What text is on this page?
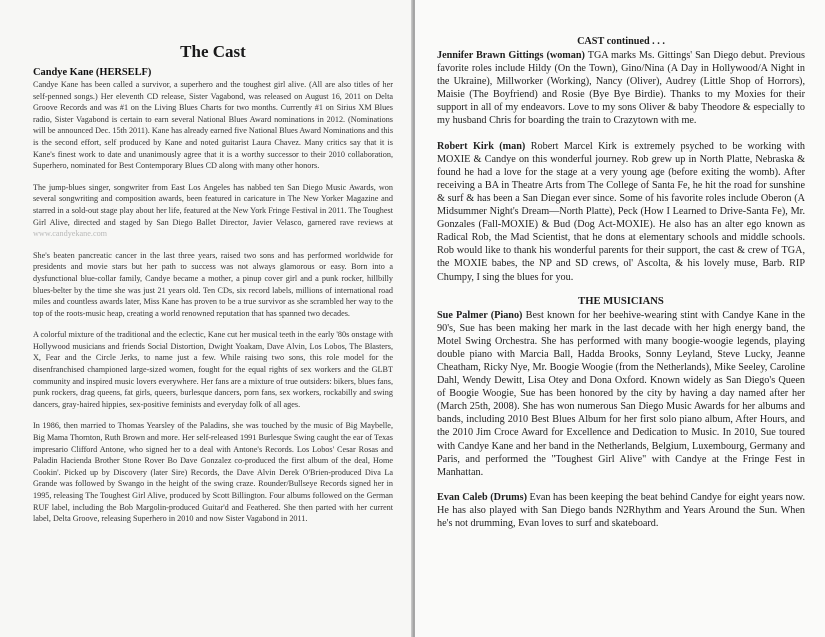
The Cast

Candye Kane (HERSELF)
Candye Kane has been called a survivor, a superhero and the toughest girl alive. (All are also titles of her self-penned songs.) Her eleventh CD release, Sister Vagabond, was released on August 16, 2011 on Delta Groove Records and was #1 on the Living Blues Charts for two months. Currently #1 on Sirius XM Blues radio, Sister Vagabond is certain to earn several National Blues Award nominations in 2012. (Nominations will be announced Dec. 15th 2011). Kane has already earned five National Blues Award Nominations and this is the second effort, self produced by Kane and noted guitarist Laura Chavez. Many critics say that it is Kane's finest work to date and unanimously agree that it is a worthy successor to their 2010 collaboration, Superhero, nominated for Best Contemporary Blues CD along with many other honors.

The jump-blues singer, songwriter from East Los Angeles has nabbed ten San Diego Music Awards, won several songwriting and composition awards, been featured in caricature in The New Yorker Magazine and starred in a sold-out stage play about her life, featured at the New York Fringe Festival in 2011. The Toughest Girl Alive, directed and staged by San Diego Ballet Director, Javier Velasco, garnered rave reviews at www.candyekane.com

She's beaten pancreatic cancer in the last three years, raised two sons and has performed worldwide for presidents and movie stars but her path to success was not always glamorous or easy. Born into a dysfunctional blue-collar family, Candye became a mother, a pinup cover girl and a punk rocker, hillbilly blues-belter by the time she was just 21 years old. Ten CDs, six record labels, millions of international road miles and countless awards later, Miss Kane has proven to be a true survivor as she scrambled her way to the top of the roots-music heap, creating a world renowned reputation that has spanned two decades.

A colorful mixture of the traditional and the eclectic, Kane cut her musical teeth in the early '80s onstage with Hollywood musicians and friends Social Distortion, Dwight Yoakam, Dave Alvin, Los Lobos, The Blasters, X, Fear and the Circle Jerks, to name just a few. While raising two sons, this role model for the disenfranchised championed large-sized women, fought for the equal rights of sex workers and the GLBT community and inspired music lovers everywhere. Her fans are a mixture of true outsiders: bikers, blues fans, punk rockers, drag queens, fat girls, queers, burlesque dancers, porn fans, sex workers, rockabilly and swing dancers, gray-haired hippies, sex-positive feminists and everyday folk of all ages.

In 1986, then married to Thomas Yearsley of the Paladins, she was touched by the music of Big Maybelle, Big Mama Thornton, Ruth Brown and more. Her self-released 1991 Burlesque Swing caught the ear of Texas impresario Clifford Antone, who signed her to a deal with Antone's Records. Los Lobos' Cesar Rosas and Paladin Hacienda Brother Stone Rover Bo Dave Gonzalez co-produced the first album of the deal, Home Cookin'. Picked up by Discovery (later Sire) Records, the Dave Alvin Derek O'Brien-produced Diva La Grande was followed by Swango in the height of the swing craze. Rounder/Bullseye Records signed her in 1995, releasing The Toughest Girl Alive, produced by Scott Billington. Four albums followed on the German RUF label, including the Bob Margolin-produced Guitar'd and Feathered. She then parted with her current label, Delta Groove, releasing Superhero in 2010 and now Sister Vagabond in 2011.

CAST continued . . .

Jennifer Brawn Gittings (woman) TGA marks Ms. Gittings' San Diego debut. Previous favorite roles include Hildy (On the Town), Gino/Nina (A Day in Hollywood/A Night in the Ukraine), Millworker (Working), Nancy (Oliver), Audrey (Little Shop of Horrors), Maisie (The Boyfriend) and Rosie (Bye Bye Birdie). Thanks to my Moxies for their support in all of my endeavors. Love to my sons Oliver & baby Theodore & especially to my husband Chris for boarding the train to Crazytown with me.

Robert Kirk (man) Robert Marcel Kirk is extremely psyched to be working with MOXIE & Candye on this wonderful journey. Rob grew up in North Platte, Nebraska & found he had a love for the stage at a very young age (before exiting the womb). After receiving a BA in Theatre Arts from The College of Santa Fe, he hit the road for sunshine & surf & has been a San Diegan ever since. Some of his favorite roles include Oberon (A Midsummer Night's Dream—North Platte), Peck (How I Learned to Drive-Santa Fe), Mr. Gonzales (Fall-MOXIE) & Bud (Dog Act-MOXIE). He also has an alter ego known as Radical Rob, the Mad Scientist, that he dons at elementary schools and middle schools. Rob would like to thank his wonderful parents for their support, the cast & crew of TGA, the MOXIE babes, the NP and SD crews, ol' Ascolta, & his lovely muse, Barb. RIP Chumpy, I sing the blues for you.

THE MUSICIANS

Sue Palmer (Piano) Best known for her beehive-wearing stint with Candye Kane in the 90's, Sue has been making her mark in the last decade with her high energy band, the Motel Swing Orchestra. She has performed with many boogie-woogie legends, playing double piano with Marcia Ball, Hadda Brooks, Sonny Leyland, Steve Lucky, Jeanne Cheatham, Ricky Nye, Mr. Boogie Woogie (from the Netherlands), Mike Seeley, Caroline Dahl, Wendy Dewitt, Lisa Otey and Dona Oxford. Known widely as San Diego's Queen of Boogie Woogie, Sue has been honored by the city by having a day named after her (March 25th, 2008). She has won numerous San Diego Music Awards for her albums and bands, including 2010 Best Blues Album for her first solo piano album, After Hours, and the 2010 Jim Croce Award for Excellence and Dedication to Music. In 2010, Sue toured with Candye Kane and her band in the Netherlands, Belgium, Luxembourg, Germany and Paris, and performed the "Toughest Girl Alive" with Candye at the Fringe Fest in Manhattan.

Evan Caleb (Drums) Evan has been keeping the beat behind Candye for eight years now. He has also played with San Diego bands N2Rhythm and Years Around the Sun. When he's not drumming, Evan loves to surf and skateboard.
